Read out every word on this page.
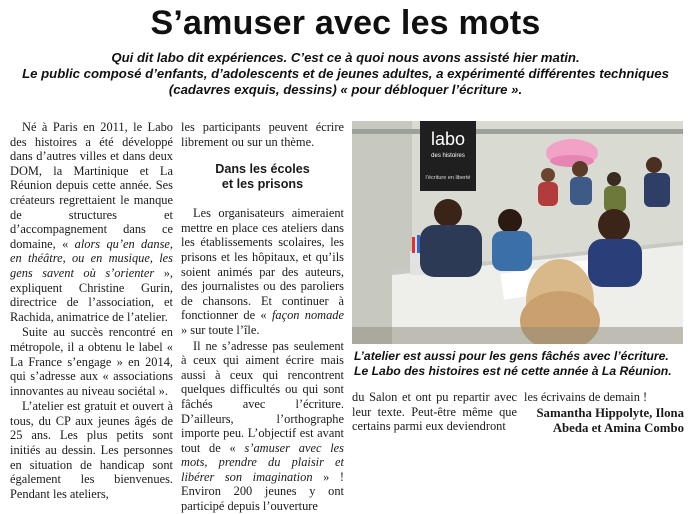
S’amuser avec les mots
Qui dit labo dit expériences. C’est ce à quoi nous avons assisté hier matin.
Le public composé d’enfants, d’adolescents et de jeunes adultes, a expérimenté différentes techniques
(cadavres exquis, dessins) « pour débloquer l’écriture ».

Né à Paris en 2011, le Labo des histoires a été développé dans d’autres villes et dans deux DOM, la Martinique et La Réunion depuis cette année. Ses créateurs regrettaient le manque de structures et d’accompagnement dans ce domaine, « alors qu’en danse, en théâtre, ou en musique, les gens savent où s’orienter », expliquent Christine Gurin, directrice de l’association, et Rachida, animatrice de l’atelier.

Suite au succès rencontré en métropole, il a obtenu le label « La France s’engage » en 2014, qui s’adresse aux « associations innovantes au niveau sociétal ».

L’atelier est gratuit et ouvert à tous, du CP aux jeunes âgés de 25 ans. Les plus petits sont initiés au dessin. Les personnes en situation de handicap sont également les bienvenues. Pendant les ateliers,

les participants peuvent écrire librement ou sur un thème.

Dans les écoles
et les prisons

Les organisateurs aimeraient mettre en place ces ateliers dans les établissements scolaires, les prisons et les hôpitaux, et qu’ils soient animés par des auteurs, des journalistes ou des paroliers de chansons. Et continuer à fonctionner de « façon nomade » sur toute l’île.

Il ne s’adresse pas seulement à ceux qui aiment écrire mais aussi à ceux qui rencontrent quelques difficultés ou qui sont fâchés avec l’écriture. D’ailleurs, l’orthographe importe peu. L’objectif est avant tout de « s’amuser avec les mots, prendre du plaisir et libérer son imagination » ! Environ 200 jeunes y ont participé depuis l’ouverture

labo
des histoires
l’écriture en liberté
L’atelier est aussi pour les gens fâchés avec l’écriture.
Le Labo des histoires est né cette année à La Réunion.

du Salon et ont pu repartir avec leur texte. Peut-être même que certains parmi eux deviendront

les écrivains de demain !

Samantha Hippolyte, Ilona
Abeda et Amina Combo
